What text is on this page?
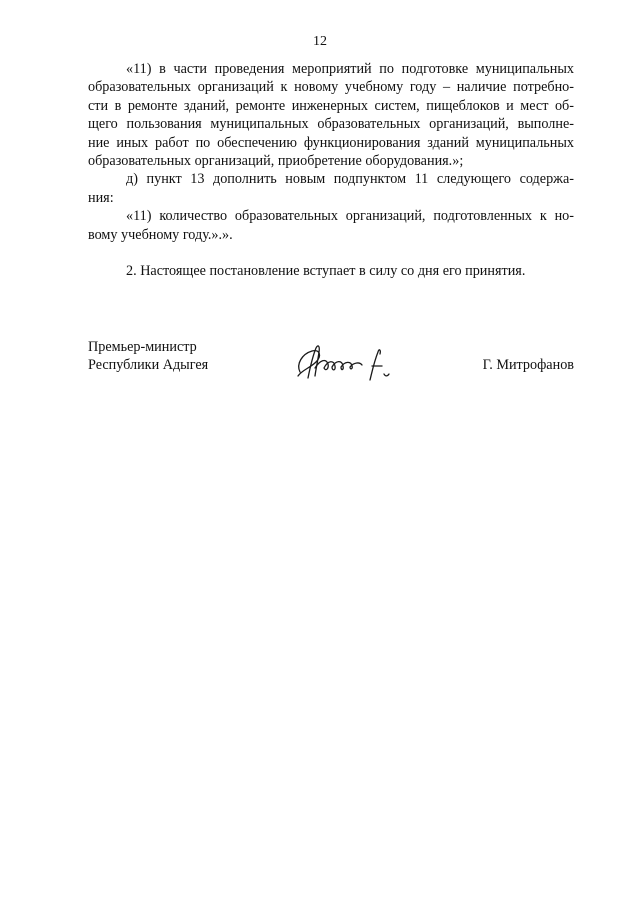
12
«11) в части проведения мероприятий по подготовке муниципальных
образовательных организаций к новому учебному году – наличие потребно-
сти в ремонте зданий, ремонте инженерных систем, пищеблоков и мест об-
щего пользования муниципальных образовательных организаций, выполне-
ние иных работ по обеспечению функционирования зданий муниципальных
образовательных организаций, приобретение оборудования.»;
д) пункт 13 дополнить новым подпунктом 11 следующего содержа-
ния:
«11) количество образовательных организаций, подготовленных к но-
вому учебному году.».».
2. Настоящее постановление вступает в силу со дня его принятия.
Премьер-министр
Республики Адыгея	Г. Митрофанов
